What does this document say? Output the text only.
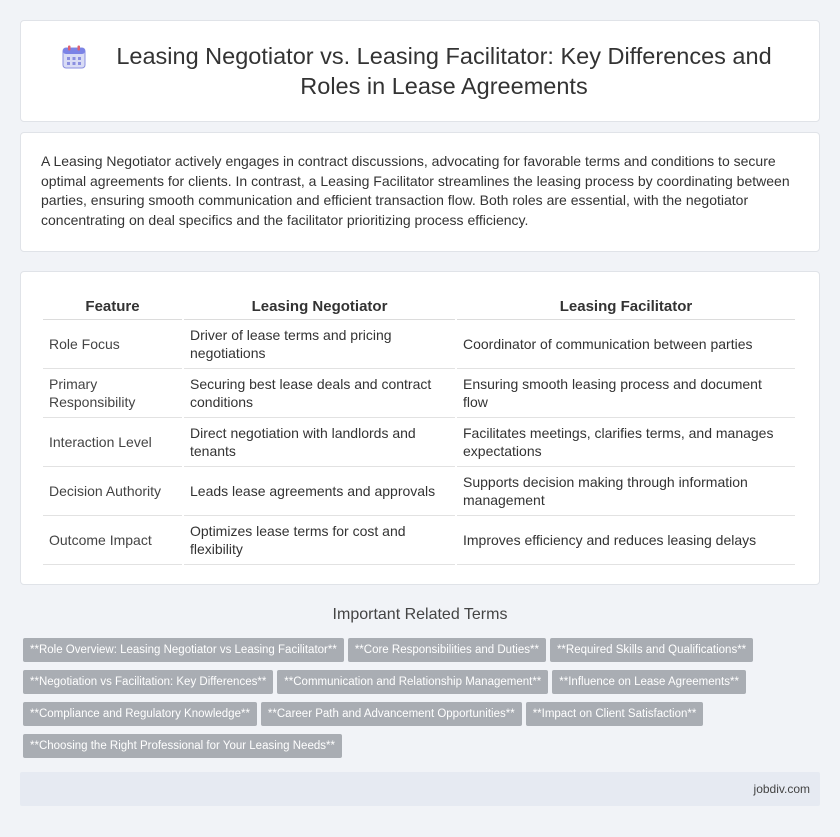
Leasing Negotiator vs. Leasing Facilitator: Key Differences and Roles in Lease Agreements

A Leasing Negotiator actively engages in contract discussions, advocating for favorable terms and conditions to secure optimal agreements for clients. In contrast, a Leasing Facilitator streamlines the leasing process by coordinating between parties, ensuring smooth communication and efficient transaction flow. Both roles are essential, with the negotiator concentrating on deal specifics and the facilitator prioritizing process efficiency.

Feature	Leasing Negotiator	Leasing Facilitator
Role Focus	Driver of lease terms and pricing negotiations	Coordinator of communication between parties
Primary Responsibility	Securing best lease deals and contract conditions	Ensuring smooth leasing process and document flow
Interaction Level	Direct negotiation with landlords and tenants	Facilitates meetings, clarifies terms, and manages expectations
Decision Authority	Leads lease agreements and approvals	Supports decision making through information management
Outcome Impact	Optimizes lease terms for cost and flexibility	Improves efficiency and reduces leasing delays
Important Related Terms
**Role Overview: Leasing Negotiator vs Leasing Facilitator** **Core Responsibilities and Duties** **Required Skills and Qualifications**
**Negotiation vs Facilitation: Key Differences** **Communication and Relationship Management** **Influence on Lease Agreements**
**Compliance and Regulatory Knowledge** **Career Path and Advancement Opportunities** **Impact on Client Satisfaction**
**Choosing the Right Professional for Your Leasing Needs**
jobdiv.com
